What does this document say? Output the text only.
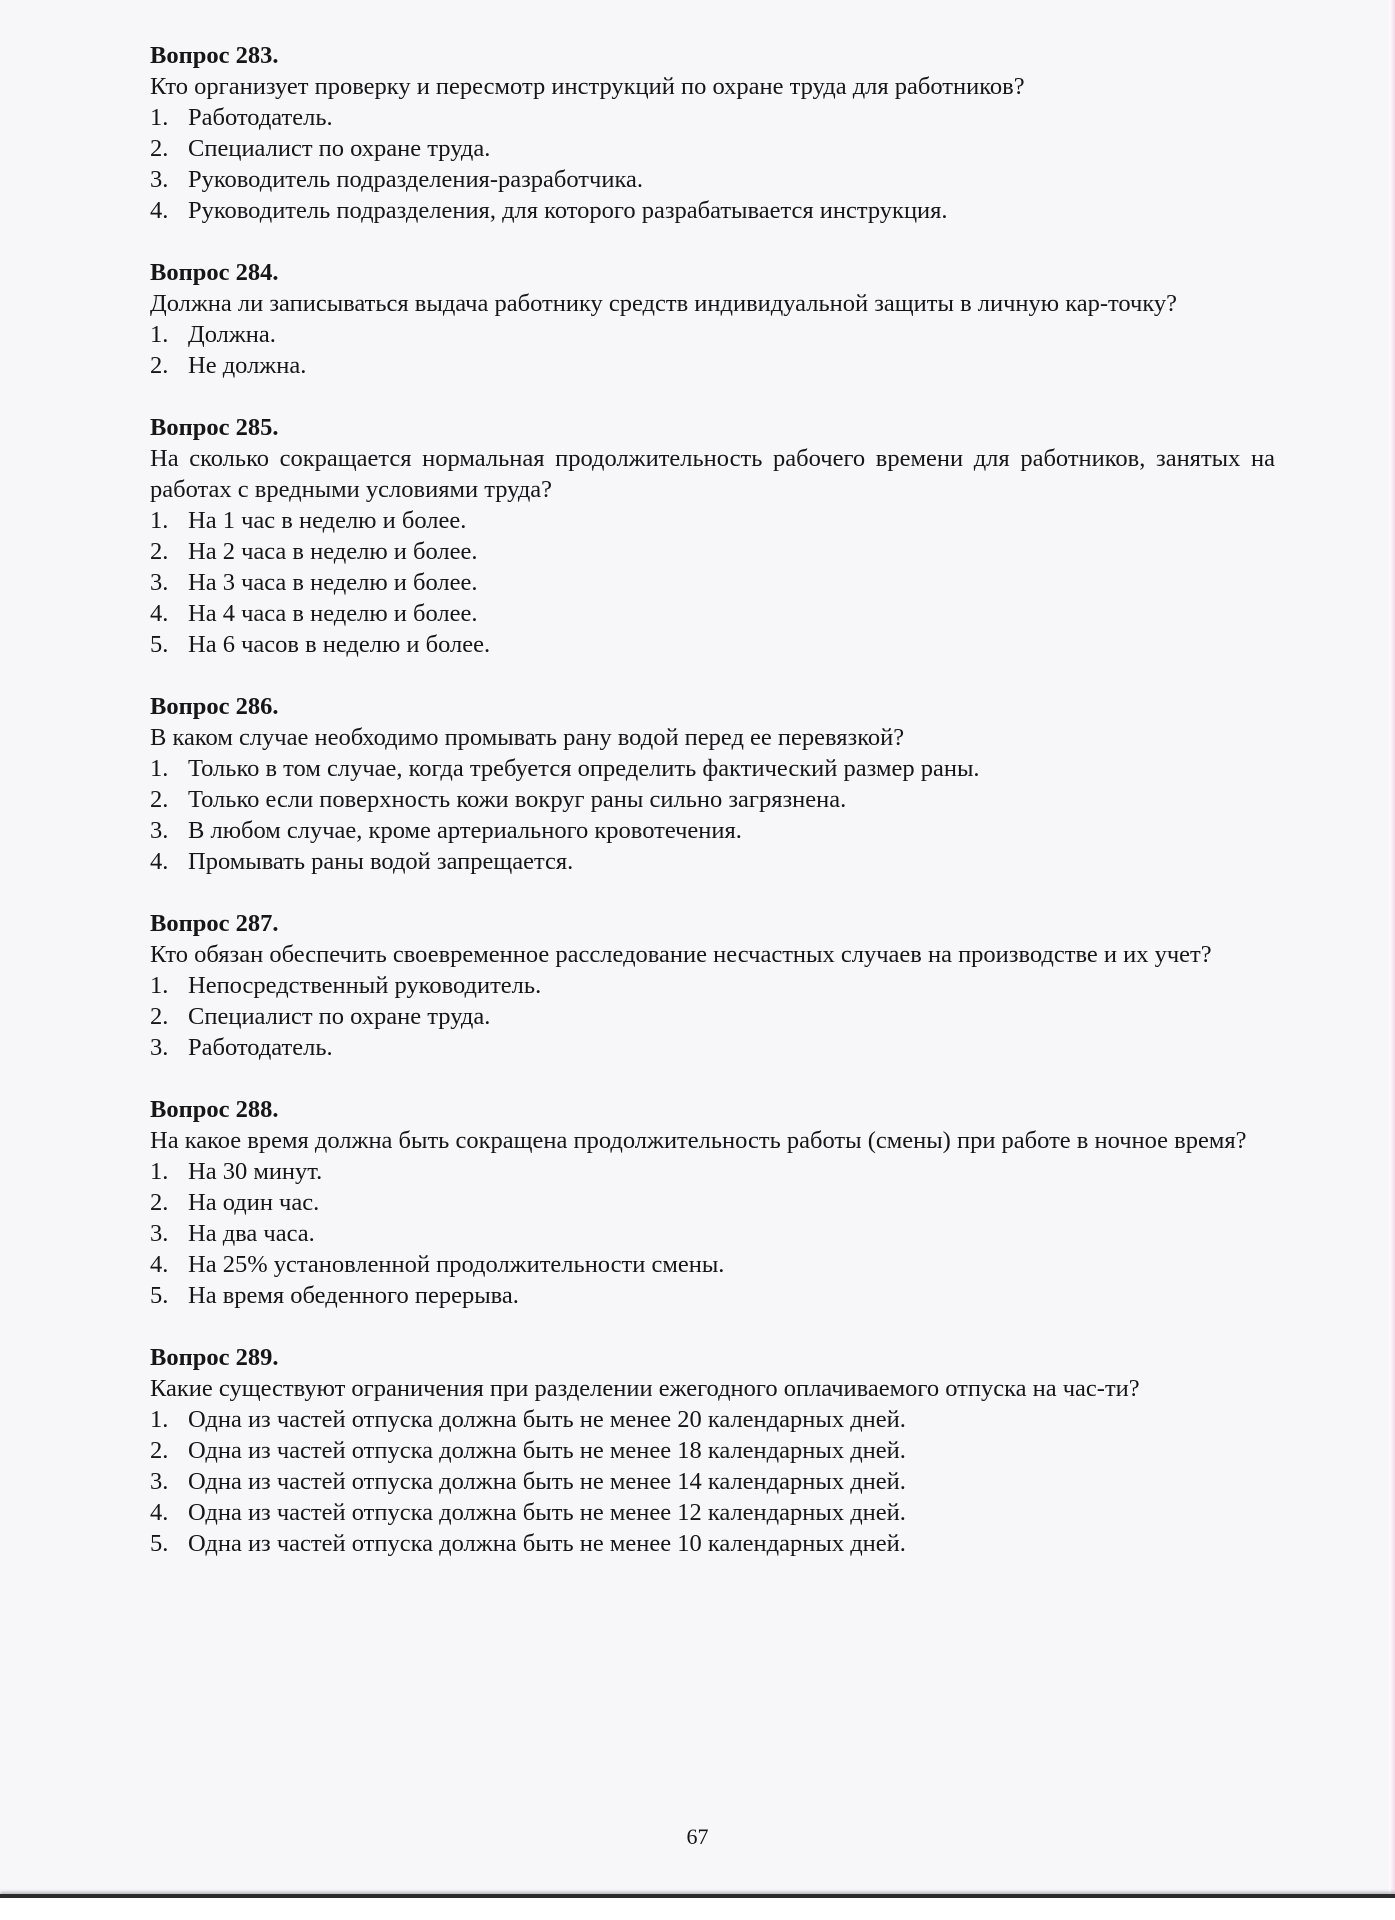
Вопрос 283.

Кто организует проверку и пересмотр инструкций по охране труда для работников?

1. Работодатель.
2. Специалист по охране труда.
3. Руководитель подразделения-разработчика.
4. Руководитель подразделения, для которого разрабатывается инструкция.

Вопрос 284.

Должна ли записываться выдача работнику средств индивидуальной защиты в личную кар-точку?

1. Должна.
2. Не должна.

Вопрос 285.

На сколько сокращается нормальная продолжительность рабочего времени для работников, занятых на работах с вредными условиями труда?

1. На 1 час в неделю и более.
2. На 2 часа в неделю и более.
3. На 3 часа в неделю и более.
4. На 4 часа в неделю и более.
5. На 6 часов в неделю и более.

Вопрос 286.

В каком случае необходимо промывать рану водой перед ее перевязкой?

1. Только в том случае, когда требуется определить фактический размер раны.
2. Только если поверхность кожи вокруг раны сильно загрязнена.
3. В любом случае, кроме артериального кровотечения.
4. Промывать раны водой запрещается.

Вопрос 287.

Кто обязан обеспечить своевременное расследование несчастных случаев на производстве и их учет?

1. Непосредственный руководитель.
2. Специалист по охране труда.
3. Работодатель.

Вопрос 288.

На какое время должна быть сокращена продолжительность работы (смены) при работе в ночное время?

1. На 30 минут.
2. На один час.
3. На два часа.
4. На 25% установленной продолжительности смены.
5. На время обеденного перерыва.

Вопрос 289.

Какие существуют ограничения при разделении ежегодного оплачиваемого отпуска на час-ти?

1. Одна из частей отпуска должна быть не менее 20 календарных дней.
2. Одна из частей отпуска должна быть не менее 18 календарных дней.
3. Одна из частей отпуска должна быть не менее 14 календарных дней.
4. Одна из частей отпуска должна быть не менее 12 календарных дней.
5. Одна из частей отпуска должна быть не менее 10 календарных дней.
67
